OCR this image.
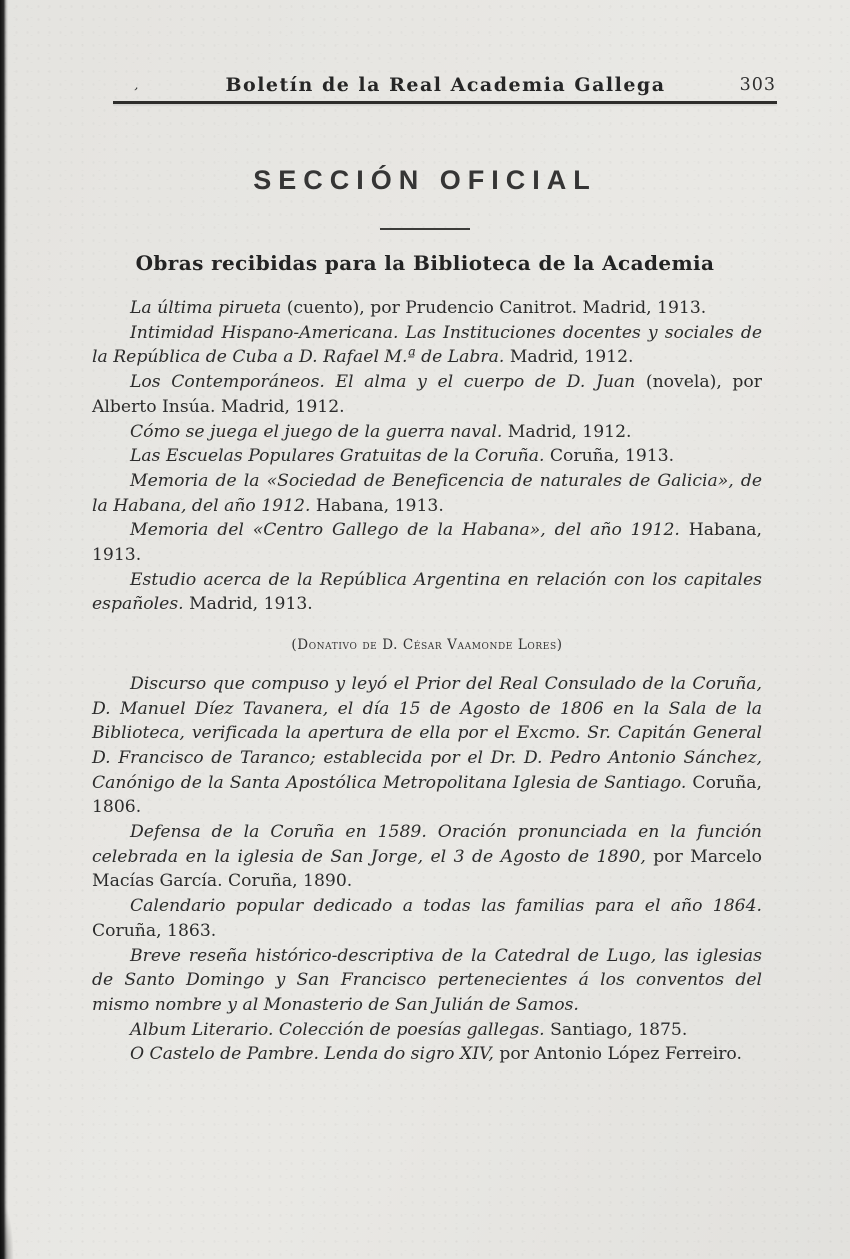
‚	Boletín de la Real Academia Gallega	303
SECCIÓN OFICIAL
Obras recibidas para la Biblioteca de la Academia

La última pirueta (cuento), por Prudencio Canitrot. Madrid, 1913.

Intimidad Hispano-Americana. Las Instituciones docentes y sociales de la República de Cuba a D. Rafael M.ª de Labra. Madrid, 1912.

Los Contemporáneos. El alma y el cuerpo de D. Juan (novela), por Alberto Insúa. Madrid, 1912.

Cómo se juega el juego de la guerra naval. Madrid, 1912.

Las Escuelas Populares Gratuitas de la Coruña. Coruña, 1913.

Memoria de la «Sociedad de Beneficencia de naturales de Galicia», de la Habana, del año 1912. Habana, 1913.

Memoria del «Centro Gallego de la Habana», del año 1912. Habana, 1913.

Estudio acerca de la República Argentina en relación con los capitales españoles. Madrid, 1913.

(Donativo de D. César Vaamonde Lores)

Discurso que compuso y leyó el Prior del Real Consulado de la Coruña, D. Manuel Díez Tavanera, el día 15 de Agosto de 1806 en la Sala de la Biblioteca, verificada la apertura de ella por el Excmo. Sr. Capitán General D. Francisco de Taranco; establecida por el Dr. D. Pedro Antonio Sánchez, Canónigo de la Santa Apostólica Metropolitana Iglesia de Santiago. Coruña, 1806.

Defensa de la Coruña en 1589. Oración pronunciada en la función celebrada en la iglesia de San Jorge, el 3 de Agosto de 1890, por Marcelo Macías García. Coruña, 1890.

Calendario popular dedicado a todas las familias para el año 1864. Coruña, 1863.

Breve reseña histórico-descriptiva de la Catedral de Lugo, las iglesias de Santo Domingo y San Francisco pertenecientes á los conventos del mismo nombre y al Monasterio de San Julián de Samos.

Album Literario. Colección de poesías gallegas. Santiago, 1875.

O Castelo de Pambre. Lenda do sigro XIV, por Antonio López Ferreiro.
